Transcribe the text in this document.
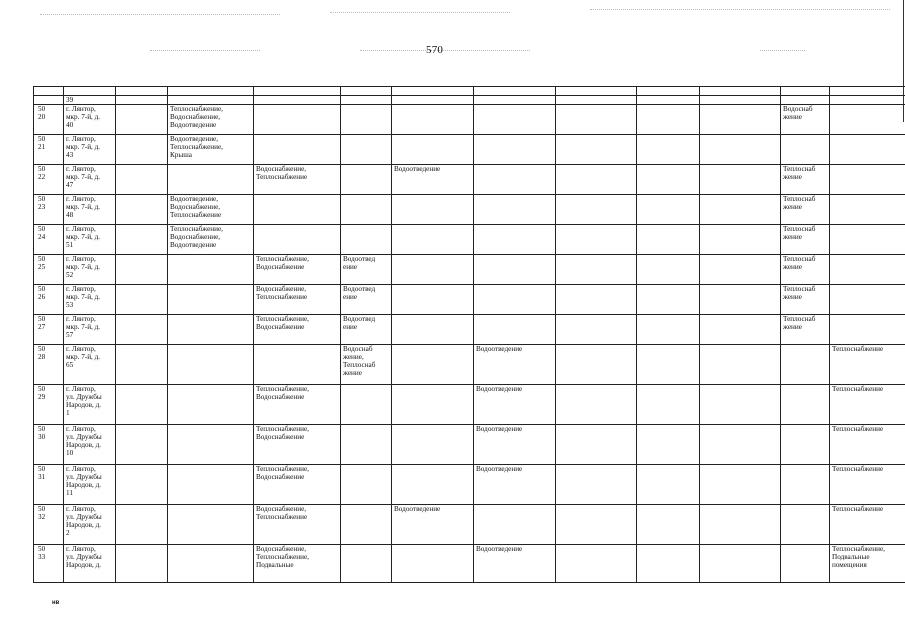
570

	39											
50
20	г. Лянтор,
мкр. 7-й, д.
40		Теплоснабжение,
Водоснабжение,
Водоотведение								Водоснаб
жение	
50
21	г. Лянтор,
мкр. 7-й, д.
43		Водоотведение,
Теплоснабжение,
Крыша									
50
22	г. Лянтор,
мкр. 7-й, д.
47			Водоснабжение,
Теплоснабжение		Водоотведение					Теплоснаб
жение	
50
23	г. Лянтор,
мкр. 7-й, д.
48		Водоотведение,
Водоснабжение,
Теплоснабжение								Теплоснаб
жение	
50
24	г. Лянтор,
мкр. 7-й, д.
51		Теплоснабжение,
Водоснабжение,
Водоотведение								Теплоснаб
жение	
50
25	г. Лянтор,
мкр. 7-й, д.
52			Теплоснабжение,
Водоснабжение	Водоотвед
ение						Теплоснаб
жение	
50
26	г. Лянтор,
мкр. 7-й, д.
53			Водоснабжение,
Теплоснабжение	Водоотвед
ение						Теплоснаб
жение	
50
27	г. Лянтор,
мкр. 7-й, д.
57			Теплоснабжение,
Водоснабжение	Водоотвед
ение						Теплоснаб
жение	
50
28	г. Лянтор,
мкр. 7-й, д.
65				Водоснаб
жение,
Теплоснаб
жение		Водоотведение					Теплоснабжение
50
29	г. Лянтор,
ул. Дружбы
Народов, д.
1			Теплоснабжение,
Водоснабжение			Водоотведение					Теплоснабжение
50
30	г. Лянтор,
ул. Дружбы
Народов, д.
10			Теплоснабжение,
Водоснабжение			Водоотведение					Теплоснабжение
50
31	г. Лянтор,
ул. Дружбы
Народов, д.
11			Теплоснабжение,
Водоснабжение			Водоотведение					Теплоснабжение
50
32	г. Лянтор,
ул. Дружбы
Народов, д.
2			Водоснабжение,
Теплоснабжение		Водоотведение						Теплоснабжение
50
33	г. Лянтор,
ул. Дружбы
Народов, д.			Водоснабжение,
Теплоснабжение,
Подвальные			Водоотведение					Теплоснабжение,
Подвальные
помещения
нв
